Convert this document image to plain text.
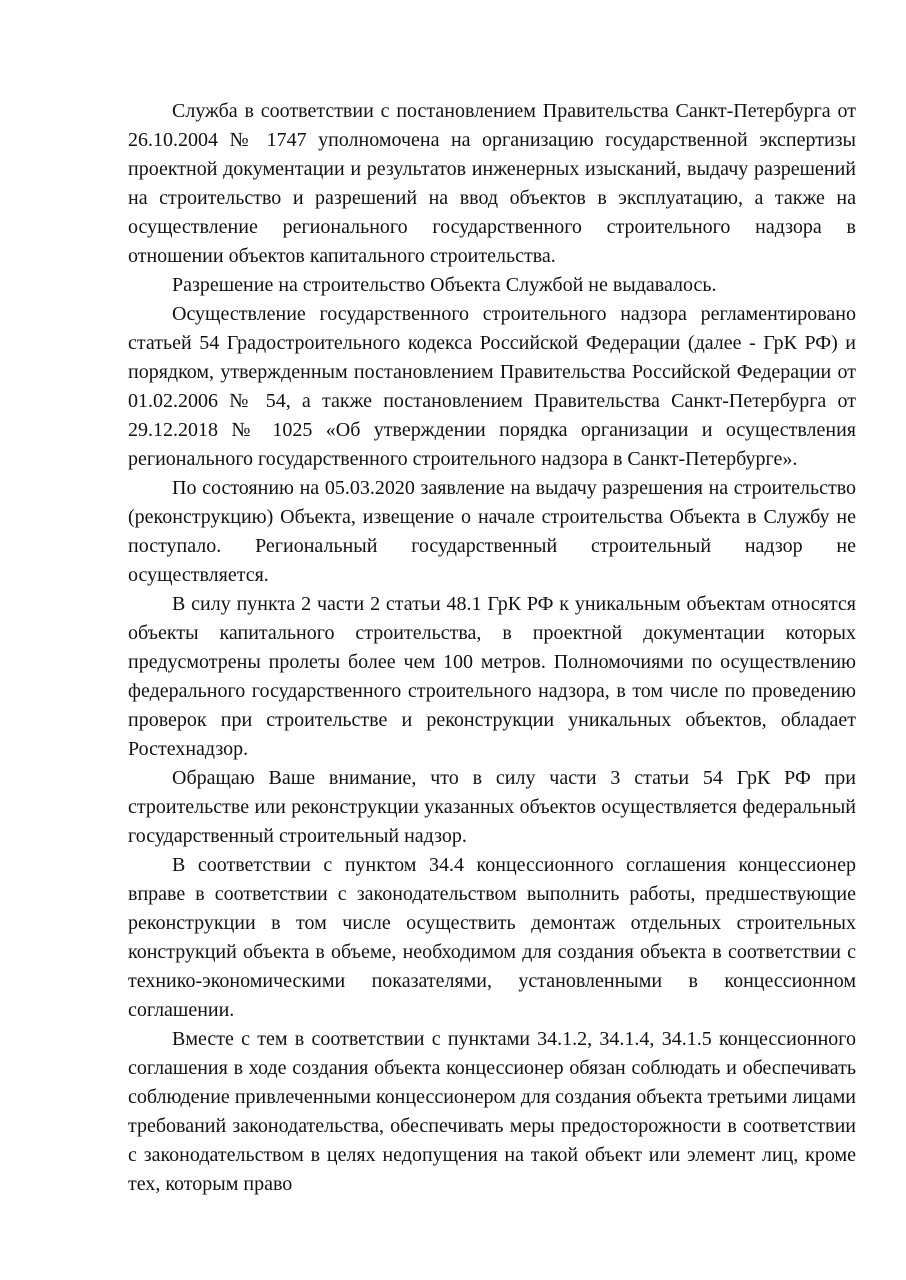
Служба в соответствии с постановлением Правительства Санкт-Петербурга от 26.10.2004 № 1747 уполномочена на организацию государственной экспертизы проектной документации и результатов инженерных изысканий, выдачу разрешений на строительство и разрешений на ввод объектов в эксплуатацию, а также на осуществление регионального государственного строительного надзора в отношении объектов капитального строительства.

Разрешение на строительство Объекта Службой не выдавалось.

Осуществление государственного строительного надзора регламентировано статьей 54 Градостроительного кодекса Российской Федерации (далее - ГрК РФ) и порядком, утвержденным постановлением Правительства Российской Федерации от 01.02.2006 № 54, а также постановлением Правительства Санкт-Петербурга от 29.12.2018 № 1025 «Об утверждении порядка организации и осуществления регионального государственного строительного надзора в Санкт-Петербурге».

По состоянию на 05.03.2020 заявление на выдачу разрешения на строительство (реконструкцию) Объекта, извещение о начале строительства Объекта в Службу не поступало. Региональный государственный строительный надзор не осуществляется.

В силу пункта 2 части 2 статьи 48.1 ГрК РФ к уникальным объектам относятся объекты капитального строительства, в проектной документации которых предусмотрены пролеты более чем 100 метров. Полномочиями по осуществлению федерального государственного строительного надзора, в том числе по проведению проверок при строительстве и реконструкции уникальных объектов, обладает Ростехнадзор.

Обращаю Ваше внимание, что в силу части 3 статьи 54 ГрК РФ при строительстве или реконструкции указанных объектов осуществляется федеральный государственный строительный надзор.

В соответствии с пунктом 34.4 концессионного соглашения концессионер вправе в соответствии с законодательством выполнить работы, предшествующие реконструкции в том числе осуществить демонтаж отдельных строительных конструкций объекта в объеме, необходимом для создания объекта в соответствии с технико-экономическими показателями, установленными в концессионном соглашении.

Вместе с тем в соответствии с пунктами 34.1.2, 34.1.4, 34.1.5 концессионного соглашения в ходе создания объекта концессионер обязан соблюдать и обеспечивать соблюдение привлеченными концессионером для создания объекта третьими лицами требований законодательства, обеспечивать меры предосторожности в соответствии с законодательством в целях недопущения на такой объект или элемент лиц, кроме тех, которым право
